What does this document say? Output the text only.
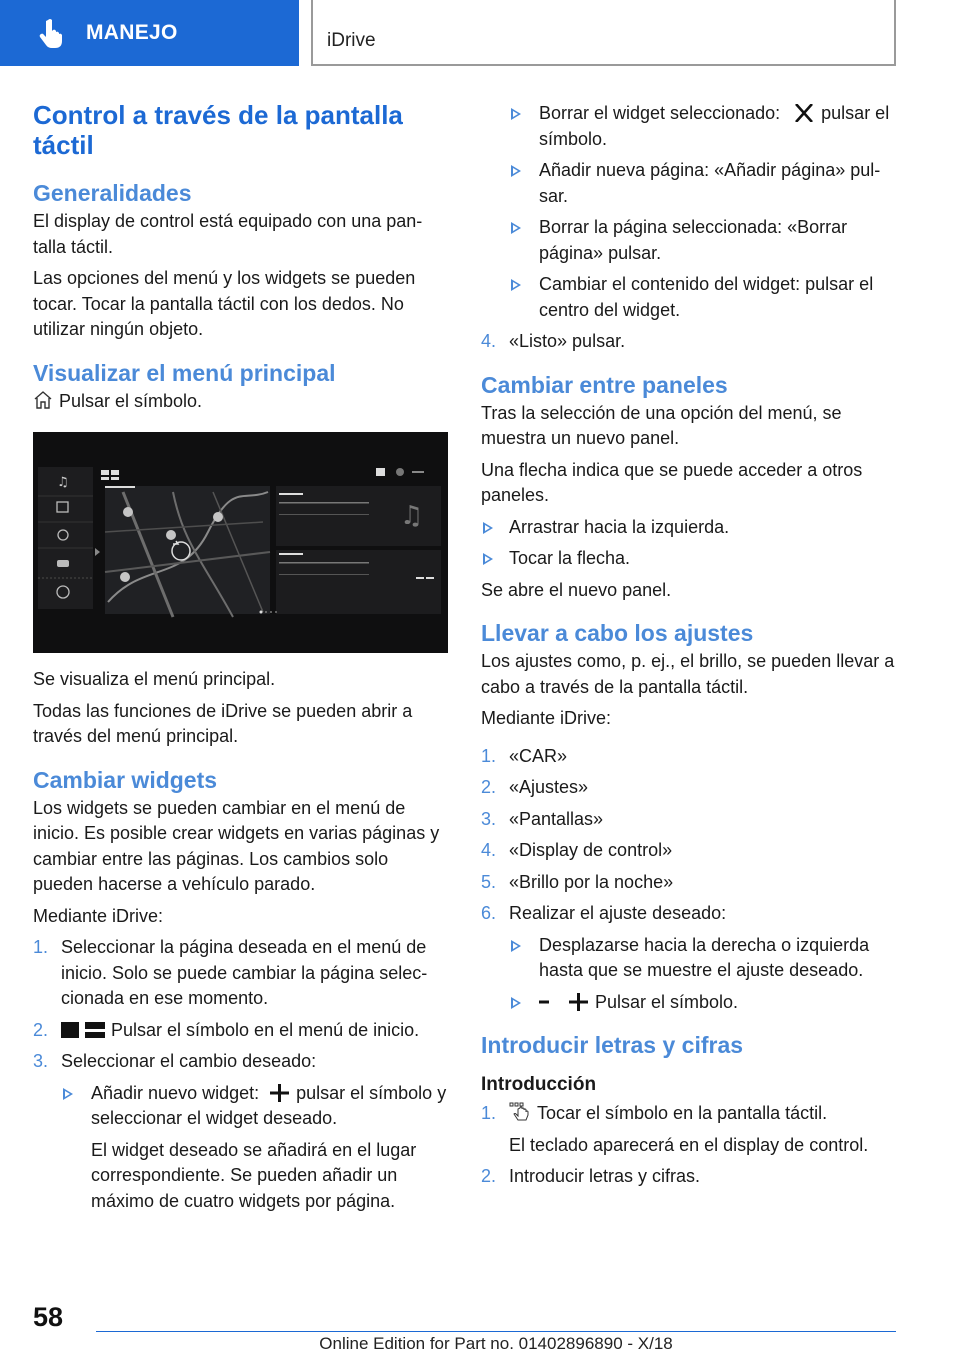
MANEJO	iDrive
Control a través de la pantalla táctil
Generalidades

El display de control está equipado con una pantalla táctil.

Las opciones del menú y los widgets se pueden tocar. Tocar la pantalla táctil con los dedos. No utilizar ningún objeto.

Visualizar el menú principal

Pulsar el símbolo.

♫
♫

Se visualiza el menú principal.

Todas las funciones de iDrive se pueden abrir a través del menú principal.

Cambiar widgets

Los widgets se pueden cambiar en el menú de inicio. Es posible crear widgets en varias páginas y cambiar entre las páginas. Los cambios solo pueden hacerse a vehículo parado.

Mediante iDrive:

1. Seleccionar la página deseada en el menú de inicio. Solo se puede cambiar la página seleccionada en ese momento.
2.	Pulsar el símbolo en el menú de inicio.
3. Seleccionar el cambio deseado:
Añadir nuevo widget: pulsar el símbolo y seleccionar el widget deseado.
El widget deseado se añadirá en el lugar correspondiente. Se pueden añadir un máximo de cuatro widgets por página.
Borrar el widget seleccionado: pulsar el símbolo.
Añadir nueva página: «Añadir página» pulsar.
Borrar la página seleccionada: «Borrar página» pulsar.
Cambiar el contenido del widget: pulsar el centro del widget.
4. «Listo» pulsar.
Cambiar entre paneles

Tras la selección de una opción del menú, se muestra un nuevo panel.

Una flecha indica que se puede acceder a otros paneles.

Arrastrar hacia la izquierda.
Tocar la flecha.

Se abre el nuevo panel.

Llevar a cabo los ajustes

Los ajustes como, p. ej., el brillo, se pueden llevar a cabo a través de la pantalla táctil.

Mediante iDrive:

1. «CAR»
2. «Ajustes»
3. «Pantallas»
4. «Display de control»
5. «Brillo por la noche»
6. Realizar el ajuste deseado:
Desplazarse hacia la derecha o izquierda hasta que se muestre el ajuste deseado.
Pulsar el símbolo.
Introducir letras y cifras
Introducción
1. Tocar el símbolo en la pantalla táctil.
El teclado aparecerá en el display de control.
2. Introducir letras y cifras.
58
Online Edition for Part no. 01402896890 - X/18
